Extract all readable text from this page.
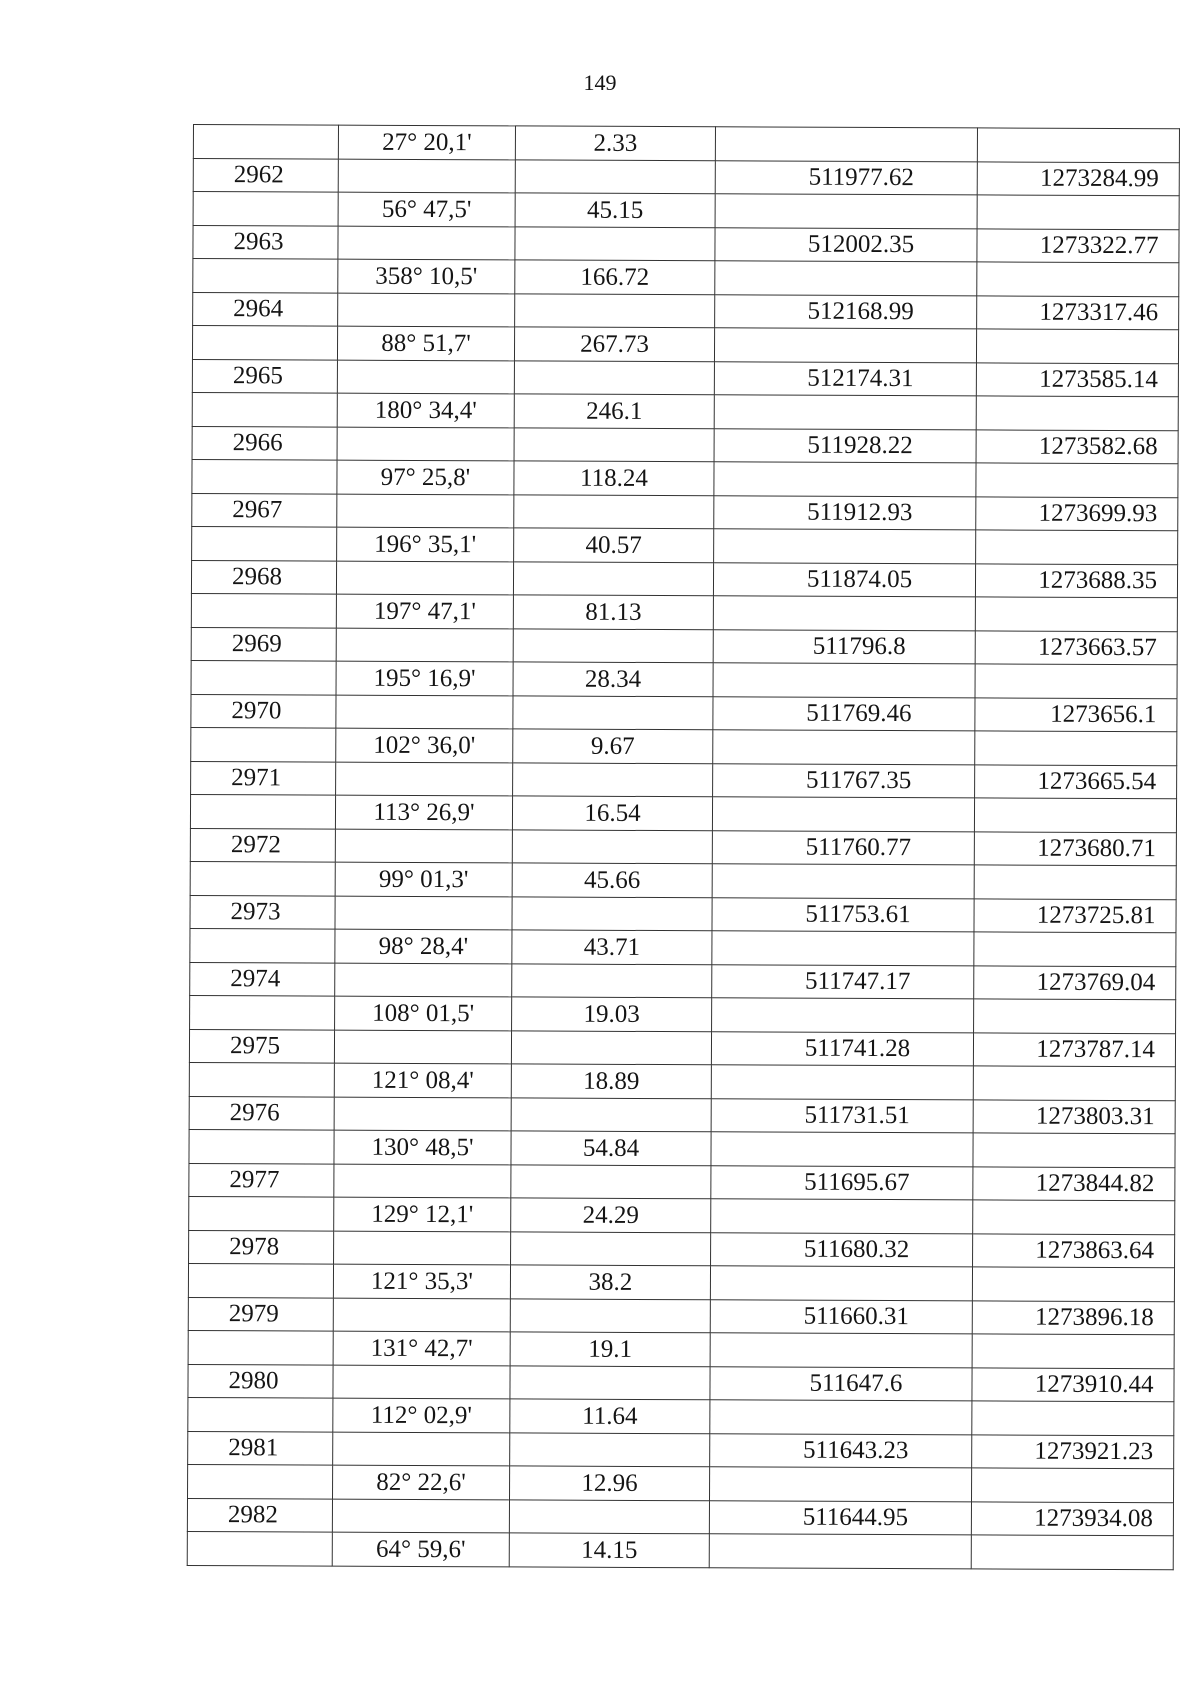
149
	27° 20,1'	2.33		
2962			511977.62	1273284.99
	56° 47,5'	45.15		
2963			512002.35	1273322.77
	358° 10,5'	166.72		
2964			512168.99	1273317.46
	88° 51,7'	267.73		
2965			512174.31	1273585.14
	180° 34,4'	246.1		
2966			511928.22	1273582.68
	97° 25,8'	118.24		
2967			511912.93	1273699.93
	196° 35,1'	40.57		
2968			511874.05	1273688.35
	197° 47,1'	81.13		
2969			511796.8	1273663.57
	195° 16,9'	28.34		
2970			511769.46	1273656.1
	102° 36,0'	9.67		
2971			511767.35	1273665.54
	113° 26,9'	16.54		
2972			511760.77	1273680.71
	99° 01,3'	45.66		
2973			511753.61	1273725.81
	98° 28,4'	43.71		
2974			511747.17	1273769.04
	108° 01,5'	19.03		
2975			511741.28	1273787.14
	121° 08,4'	18.89		
2976			511731.51	1273803.31
	130° 48,5'	54.84		
2977			511695.67	1273844.82
	129° 12,1'	24.29		
2978			511680.32	1273863.64
	121° 35,3'	38.2		
2979			511660.31	1273896.18
	131° 42,7'	19.1		
2980			511647.6	1273910.44
	112° 02,9'	11.64		
2981			511643.23	1273921.23
	82° 22,6'	12.96		
2982			511644.95	1273934.08
	64° 59,6'	14.15		
